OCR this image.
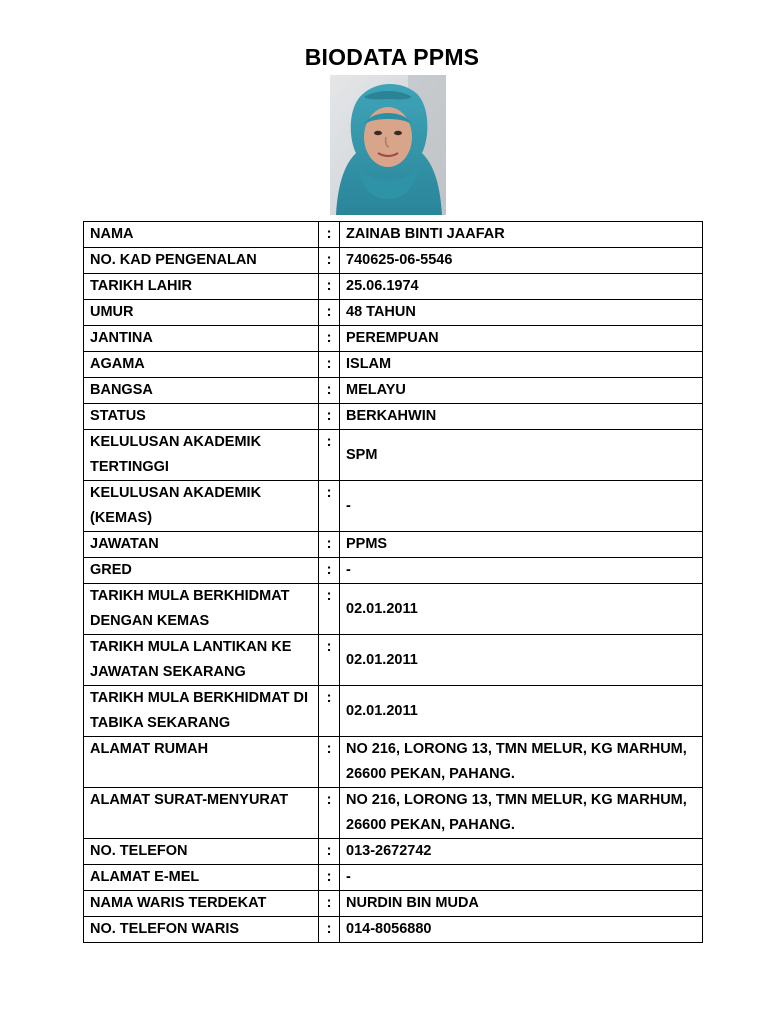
BIODATA PPMS
NAMA	:	ZAINAB BINTI JAAFAR
NO. KAD PENGENALAN	:	740625-06-5546
TARIKH LAHIR	:	25.06.1974
UMUR	:	48 TAHUN
JANTINA	:	PEREMPUAN
AGAMA	:	ISLAM
BANGSA	:	MELAYU
STATUS	:	BERKAHWIN
KELULUSAN AKADEMIK TERTINGGI	:	SPM
KELULUSAN AKADEMIK (KEMAS)	:	-
JAWATAN	:	PPMS
GRED	:	-
TARIKH MULA BERKHIDMAT DENGAN KEMAS	:	02.01.2011
TARIKH MULA LANTIKAN KE JAWATAN SEKARANG	:	02.01.2011
TARIKH MULA BERKHIDMAT DI TABIKA SEKARANG	:	02.01.2011
ALAMAT RUMAH	:	NO 216, LORONG 13, TMN MELUR, KG MARHUM, 26600 PEKAN, PAHANG.
ALAMAT SURAT-MENYURAT	:	NO 216, LORONG 13, TMN MELUR, KG MARHUM, 26600 PEKAN, PAHANG.
NO. TELEFON	:	013-2672742
ALAMAT E-MEL	:	-
NAMA WARIS TERDEKAT	:	NURDIN BIN MUDA
NO. TELEFON WARIS	:	014-8056880
